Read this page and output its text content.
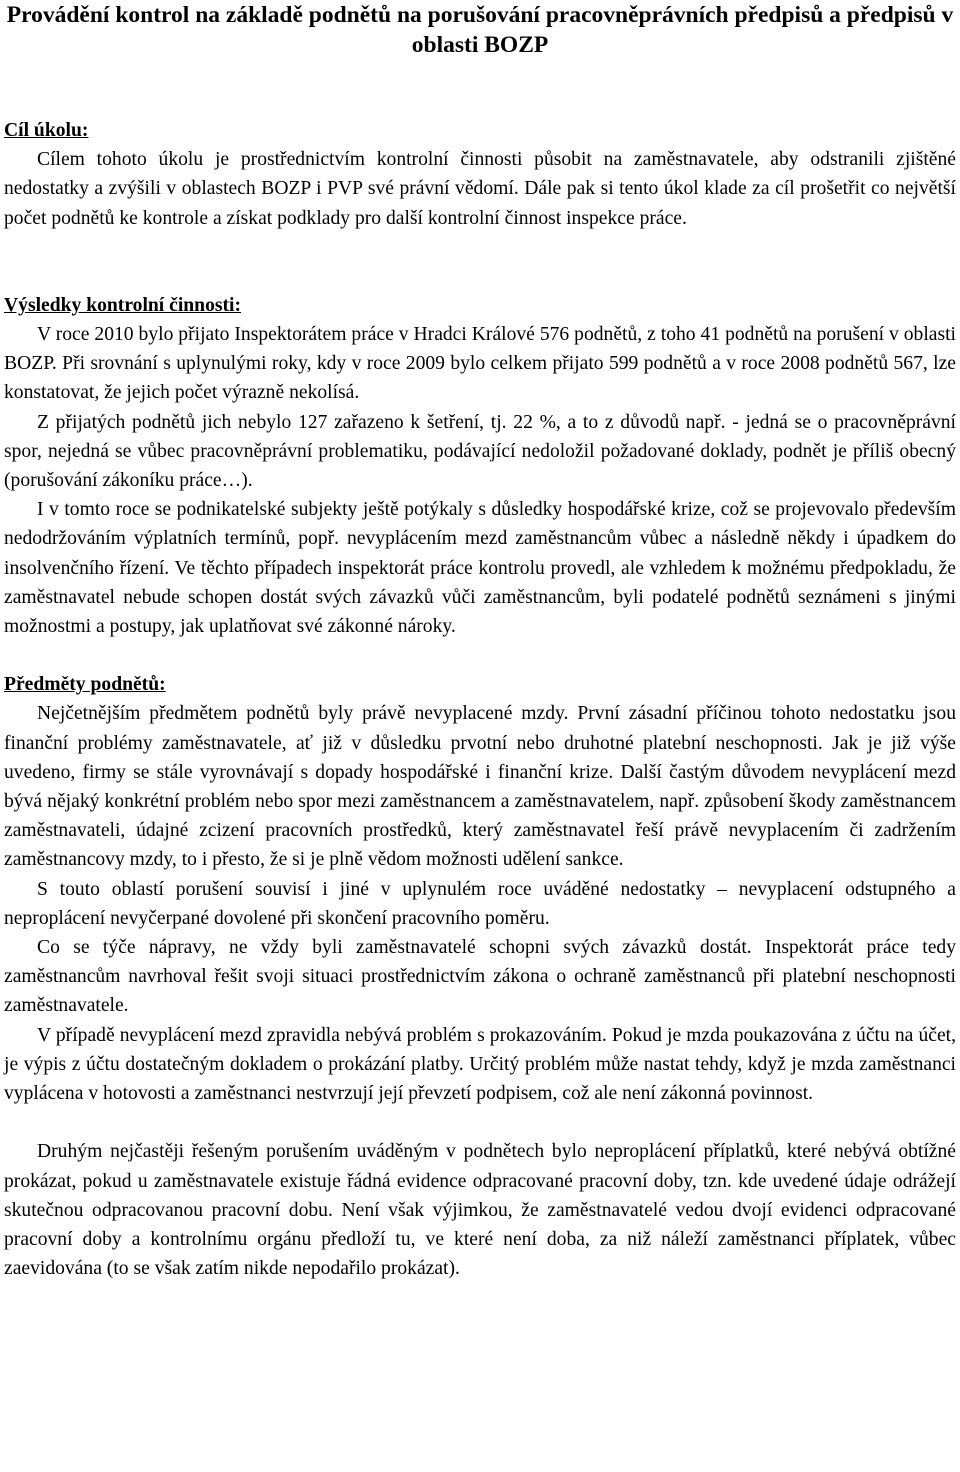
Provádění kontrol na základě podnětů na porušování pracovněprávních předpisů a předpisů v oblasti BOZP
Cíl úkolu:

Cílem tohoto úkolu je prostřednictvím kontrolní činnosti působit na zaměstnavatele, aby odstranili zjištěné nedostatky a zvýšili v oblastech BOZP i PVP své právní vědomí. Dále pak si tento úkol klade za cíl prošetřit co největší počet podnětů ke kontrole a získat podklady pro další kontrolní činnost inspekce práce.

Výsledky kontrolní činnosti:

V roce 2010 bylo přijato Inspektorátem práce v Hradci Králové 576 podnětů, z toho 41 podnětů na porušení v oblasti BOZP. Při srovnání s uplynulými roky, kdy v roce 2009 bylo celkem přijato 599 podnětů a v roce 2008 podnětů 567, lze konstatovat, že jejich počet výrazně nekolísá.

Z přijatých podnětů jich nebylo 127 zařazeno k šetření, tj. 22 %, a to z důvodů např. - jedná se o pracovněprávní spor, nejedná se vůbec pracovněprávní problematiku, podávající nedoložil požadované doklady, podnět je příliš obecný (porušování zákoníku práce…).

I v tomto roce se podnikatelské subjekty ještě potýkaly s důsledky hospodářské krize, což se projevovalo především nedodržováním výplatních termínů, popř. nevyplácením mezd zaměstnancům vůbec a následně někdy i úpadkem do insolvenčního řízení. Ve těchto případech inspektorát práce kontrolu provedl, ale vzhledem k možnému předpokladu, že zaměstnavatel nebude schopen dostát svých závazků vůči zaměstnancům, byli podatelé podnětů seznámeni s jinými možnostmi a postupy, jak uplatňovat své zákonné nároky.

Předměty podnětů:

Nejčetnějším předmětem podnětů byly právě nevyplacené mzdy. První zásadní příčinou tohoto nedostatku jsou finanční problémy zaměstnavatele, ať již v důsledku prvotní nebo druhotné platební neschopnosti. Jak je již výše uvedeno, firmy se stále vyrovnávají s dopady hospodářské i finanční krize. Další častým důvodem nevyplácení mezd bývá nějaký konkrétní problém nebo spor mezi zaměstnancem a zaměstnavatelem, např. způsobení škody zaměstnancem zaměstnavateli, údajné zcizení pracovních prostředků, který zaměstnavatel řeší právě nevyplacením či zadržením zaměstnancovy mzdy, to i přesto, že si je plně vědom možnosti udělení sankce.

S touto oblastí porušení souvisí i jiné v uplynulém roce uváděné nedostatky – nevyplacení odstupného a neproplácení nevyčerpané dovolené při skončení pracovního poměru.

Co se týče nápravy, ne vždy byli zaměstnavatelé schopni svých závazků dostát. Inspektorát práce tedy zaměstnancům navrhoval řešit svoji situaci prostřednictvím zákona o ochraně zaměstnanců při platební neschopnosti zaměstnavatele.

V případě nevyplácení mezd zpravidla nebývá problém s prokazováním. Pokud je mzda poukazována z účtu na účet, je výpis z účtu dostatečným dokladem o prokázání platby. Určitý problém může nastat tehdy, když je mzda zaměstnanci vyplácena v hotovosti a zaměstnanci nestvrzují její převzetí podpisem, což ale není zákonná povinnost.

Druhým nejčastěji řešeným porušením uváděným v podnětech bylo neproplácení příplatků, které nebývá obtížné prokázat, pokud u zaměstnavatele existuje řádná evidence odpracované pracovní doby, tzn. kde uvedené údaje odrážejí skutečnou odpracovanou pracovní dobu. Není však výjimkou, že zaměstnavatelé vedou dvojí evidenci odpracované pracovní doby a kontrolnímu orgánu předloží tu, ve které není doba, za niž náleží zaměstnanci příplatek, vůbec zaevidována (to se však zatím nikde nepodařilo prokázat).
